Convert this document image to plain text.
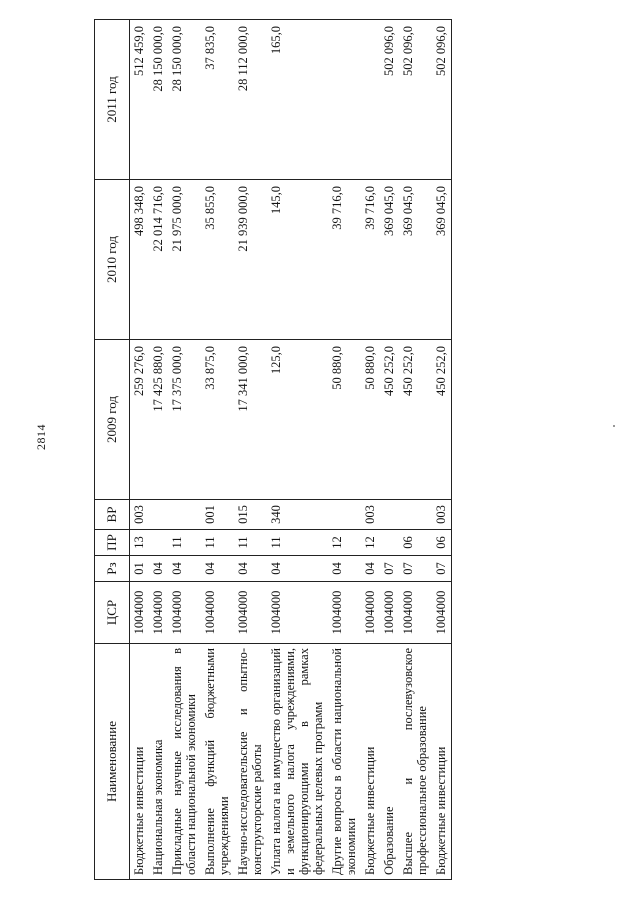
2814
Наименование	ЦСР	Рз	ПР	ВР	2009 год	2010 год	2011 год
Бюджетные инвестиции	1004000	01	13	003	259 276,0	498 348,0	512 459,0
Национальная экономика	1004000	04			17 425 880,0	22 014 716,0	28 150 000,0
Прикладные научные исследования в области национальной экономики	1004000	04	11		17 375 000,0	21 975 000,0	28 150 000,0
Выполнение функций бюджетными учреждениями	1004000	04	11	001	33 875,0	35 855,0	37 835,0
Научно-исследовательские и опытно-конструкторские работы	1004000	04	11	015	17 341 000,0	21 939 000,0	28 112 000,0
Уплата налога на имущество организаций и земельного налога учреждениями, функционирующими в рамках федеральных целевых программ	1004000	04	11	340	125,0	145,0	165,0
Другие вопросы в области национальной экономики	1004000	04	12		50 880,0	39 716,0	
Бюджетные инвестиции	1004000	04	12	003	50 880,0	39 716,0	
Образование	1004000	07			450 252,0	369 045,0	502 096,0
Высшее и послевузовское профессиональное образование	1004000	07	06		450 252,0	369 045,0	502 096,0
Бюджетные инвестиции	1004000	07	06	003	450 252,0	369 045,0	502 096,0
